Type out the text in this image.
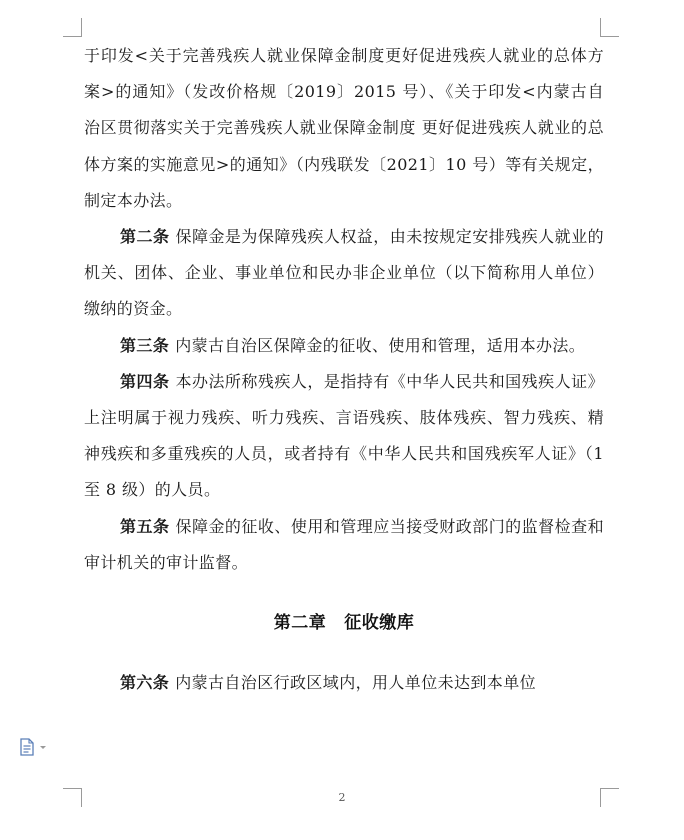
于印发<关于完善残疾人就业保障金制度更好促进残疾人就业的总体方案>的通知》（发改价格规〔2019〕2015 号）、《关于印发<内蒙古自治区贯彻落实关于完善残疾人就业保障金制度 更好促进残疾人就业的总体方案的实施意见>的通知》（内残联发〔2021〕10 号）等有关规定，制定本办法。

第二条 保障金是为保障残疾人权益，由未按规定安排残疾人就业的机关、团体、企业、事业单位和民办非企业单位（以下简称用人单位）缴纳的资金。

第三条 内蒙古自治区保障金的征收、使用和管理，适用本办法。

第四条 本办法所称残疾人，是指持有《中华人民共和国残疾人证》上注明属于视力残疾、听力残疾、言语残疾、肢体残疾、智力残疾、精神残疾和多重残疾的人员，或者持有《中华人民共和国残疾军人证》（1 至 8 级）的人员。

第五条 保障金的征收、使用和管理应当接受财政部门的监督检查和审计机关的审计监督。

第二章 征收缴库

第六条 内蒙古自治区行政区域内，用人单位未达到本单位

2
